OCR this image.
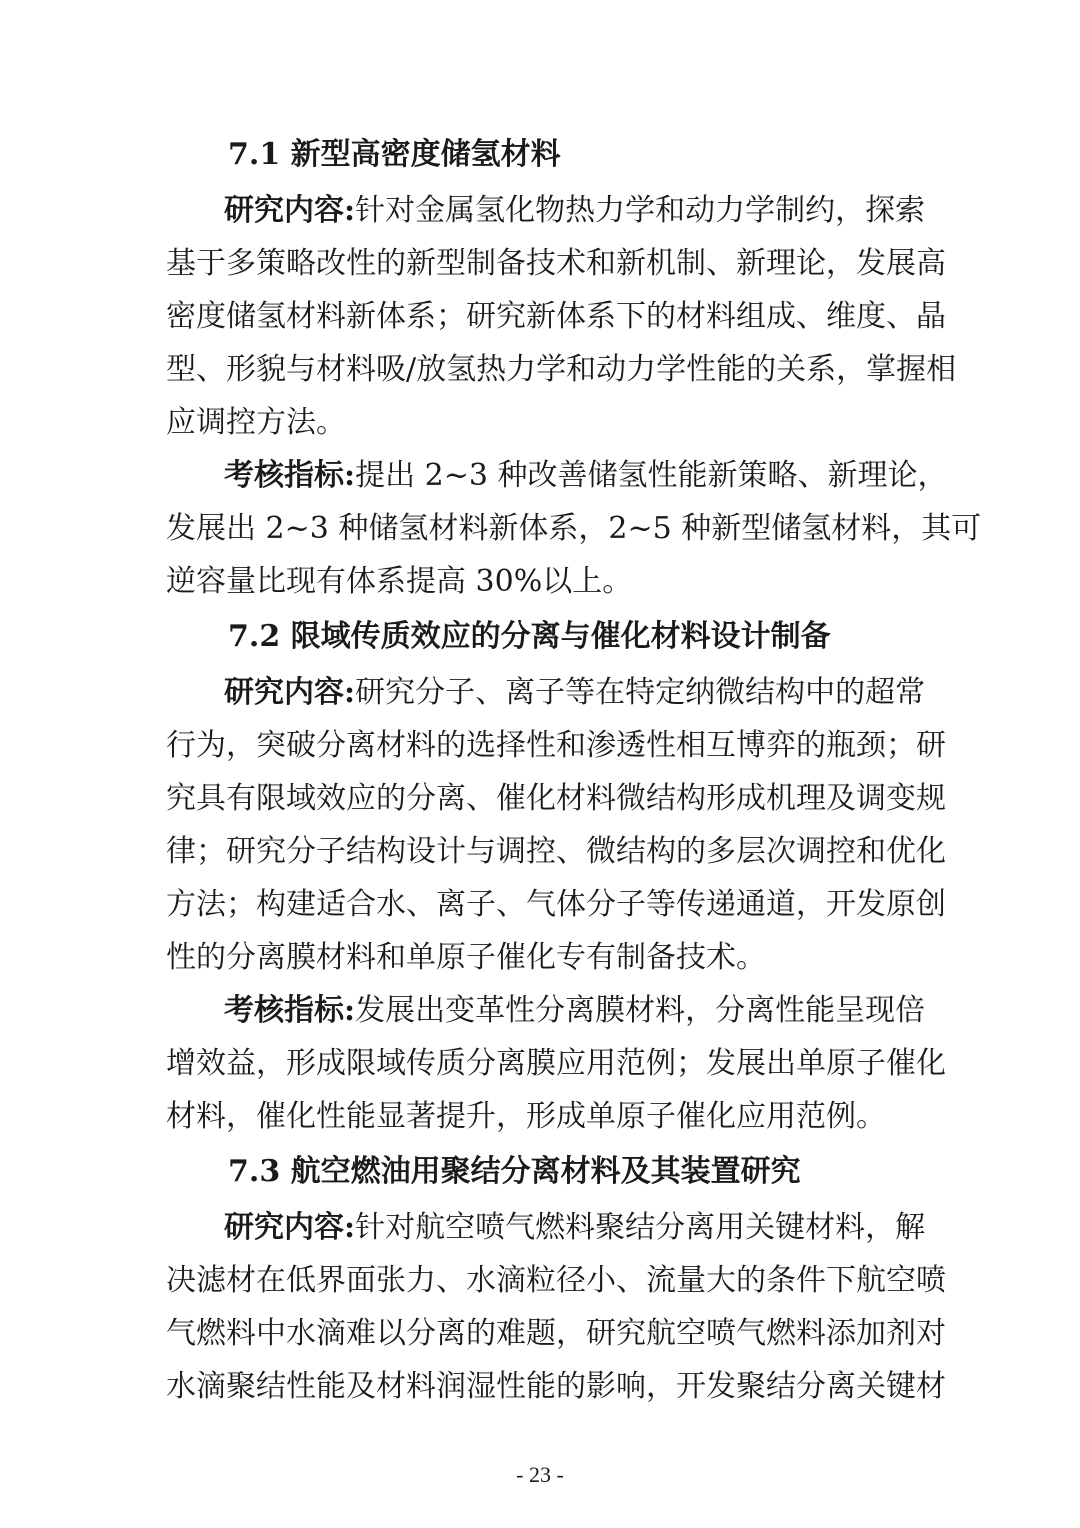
7.1 新型高密度储氢材料
研究内容: 针对金属氢化物热力学和动力学制约，探索
基于多策略改性的新型制备技术和新机制、新理论，发展高
密度储氢材料新体系；研究新体系下的材料组成、维度、晶
型、形貌与材料吸/放氢热力学和动力学性能的关系，掌握相
应调控方法。
考核指标: 提出 2~3 种改善储氢性能新策略、新理论，
发展出 2~3 种储氢材料新体系，2~5 种新型储氢材料，其可
逆容量比现有体系提高 30%以上。
7.2 限域传质效应的分离与催化材料设计制备
研究内容: 研究分子、离子等在特定纳微结构中的超常
行为，突破分离材料的选择性和渗透性相互博弈的瓶颈；研
究具有限域效应的分离、催化材料微结构形成机理及调变规
律；研究分子结构设计与调控、微结构的多层次调控和优化
方法；构建适合水、离子、气体分子等传递通道，开发原创
性的分离膜材料和单原子催化专有制备技术。
考核指标: 发展出变革性分离膜材料，分离性能呈现倍
增效益，形成限域传质分离膜应用范例；发展出单原子催化
材料，催化性能显著提升，形成单原子催化应用范例。
7.3 航空燃油用聚结分离材料及其装置研究
研究内容: 针对航空喷气燃料聚结分离用关键材料，解
决滤材在低界面张力、水滴粒径小、流量大的条件下航空喷
气燃料中水滴难以分离的难题，研究航空喷气燃料添加剂对
水滴聚结性能及材料润湿性能的影响，开发聚结分离关键材
- 23 -
